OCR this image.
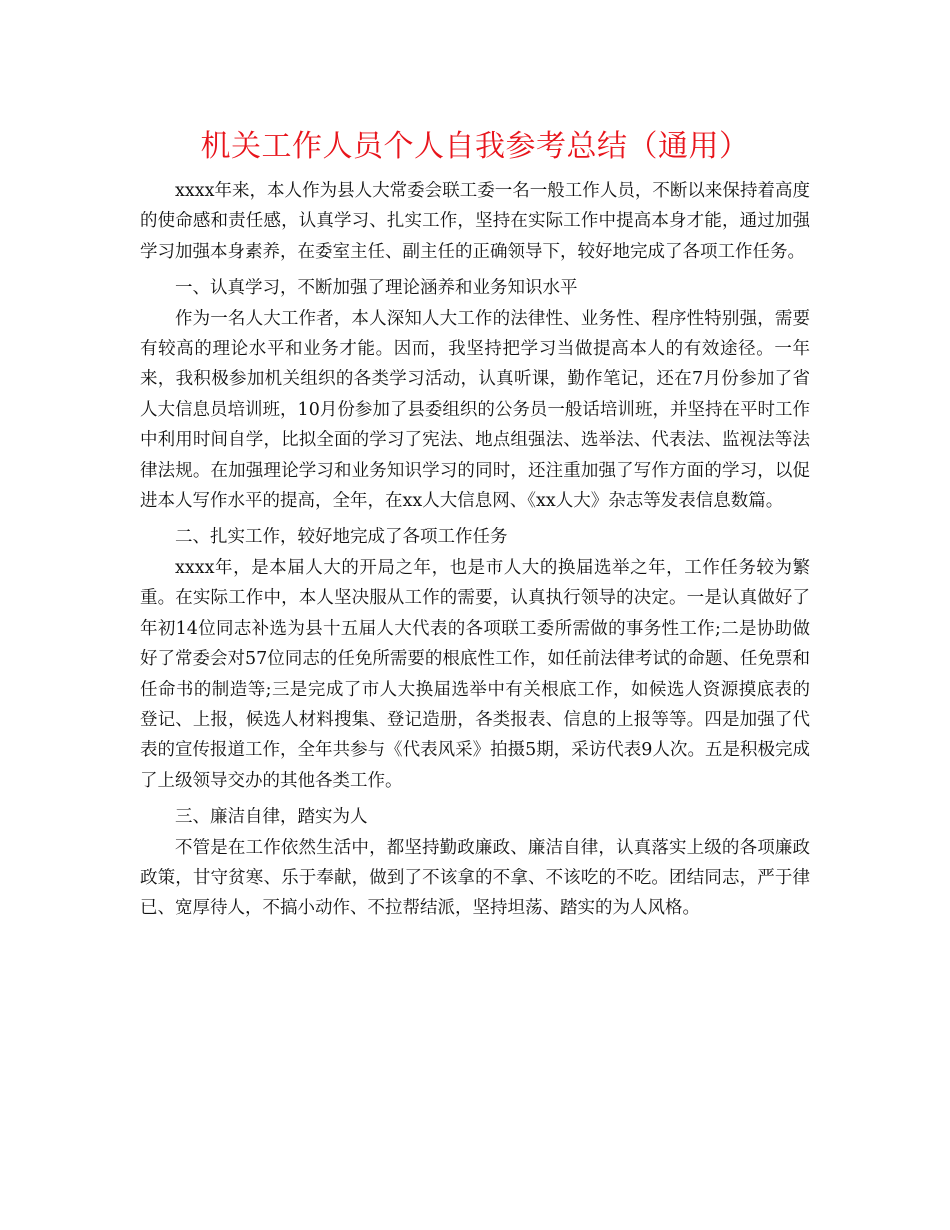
机关工作人员个人自我参考总结（通用）

xxxx年来，本人作为县人大常委会联工委一名一般工作人员，不断以来保持着高度的使命感和责任感，认真学习、扎实工作，坚持在实际工作中提高本身才能，通过加强学习加强本身素养，在委室主任、副主任的正确领导下，较好地完成了各项工作任务。

一、认真学习，不断加强了理论涵养和业务知识水平

作为一名人大工作者，本人深知人大工作的法律性、业务性、程序性特别强，需要有较高的理论水平和业务才能。因而，我坚持把学习当做提高本人的有效途径。一年来，我积极参加机关组织的各类学习活动，认真听课，勤作笔记，还在7月份参加了省人大信息员培训班，10月份参加了县委组织的公务员一般话培训班，并坚持在平时工作中利用时间自学，比拟全面的学习了宪法、地点组强法、选举法、代表法、监视法等法律法规。在加强理论学习和业务知识学习的同时，还注重加强了写作方面的学习，以促进本人写作水平的提高，全年，在xx人大信息网、《xx人大》杂志等发表信息数篇。

二、扎实工作，较好地完成了各项工作任务

xxxx年，是本届人大的开局之年，也是市人大的换届选举之年，工作任务较为繁重。在实际工作中，本人坚决服从工作的需要，认真执行领导的决定。一是认真做好了年初14位同志补选为县十五届人大代表的各项联工委所需做的事务性工作;二是协助做好了常委会对57位同志的任免所需要的根底性工作，如任前法律考试的命题、任免票和任命书的制造等;三是完成了市人大换届选举中有关根底工作，如候选人资源摸底表的登记、上报，候选人材料搜集、登记造册，各类报表、信息的上报等等。四是加强了代表的宣传报道工作，全年共参与《代表风采》拍摄5期，采访代表9人次。五是积极完成了上级领导交办的其他各类工作。

三、廉洁自律，踏实为人

不管是在工作依然生活中，都坚持勤政廉政、廉洁自律，认真落实上级的各项廉政政策，甘守贫寒、乐于奉献，做到了不该拿的不拿、不该吃的不吃。团结同志，严于律已、宽厚待人，不搞小动作、不拉帮结派，坚持坦荡、踏实的为人风格。
